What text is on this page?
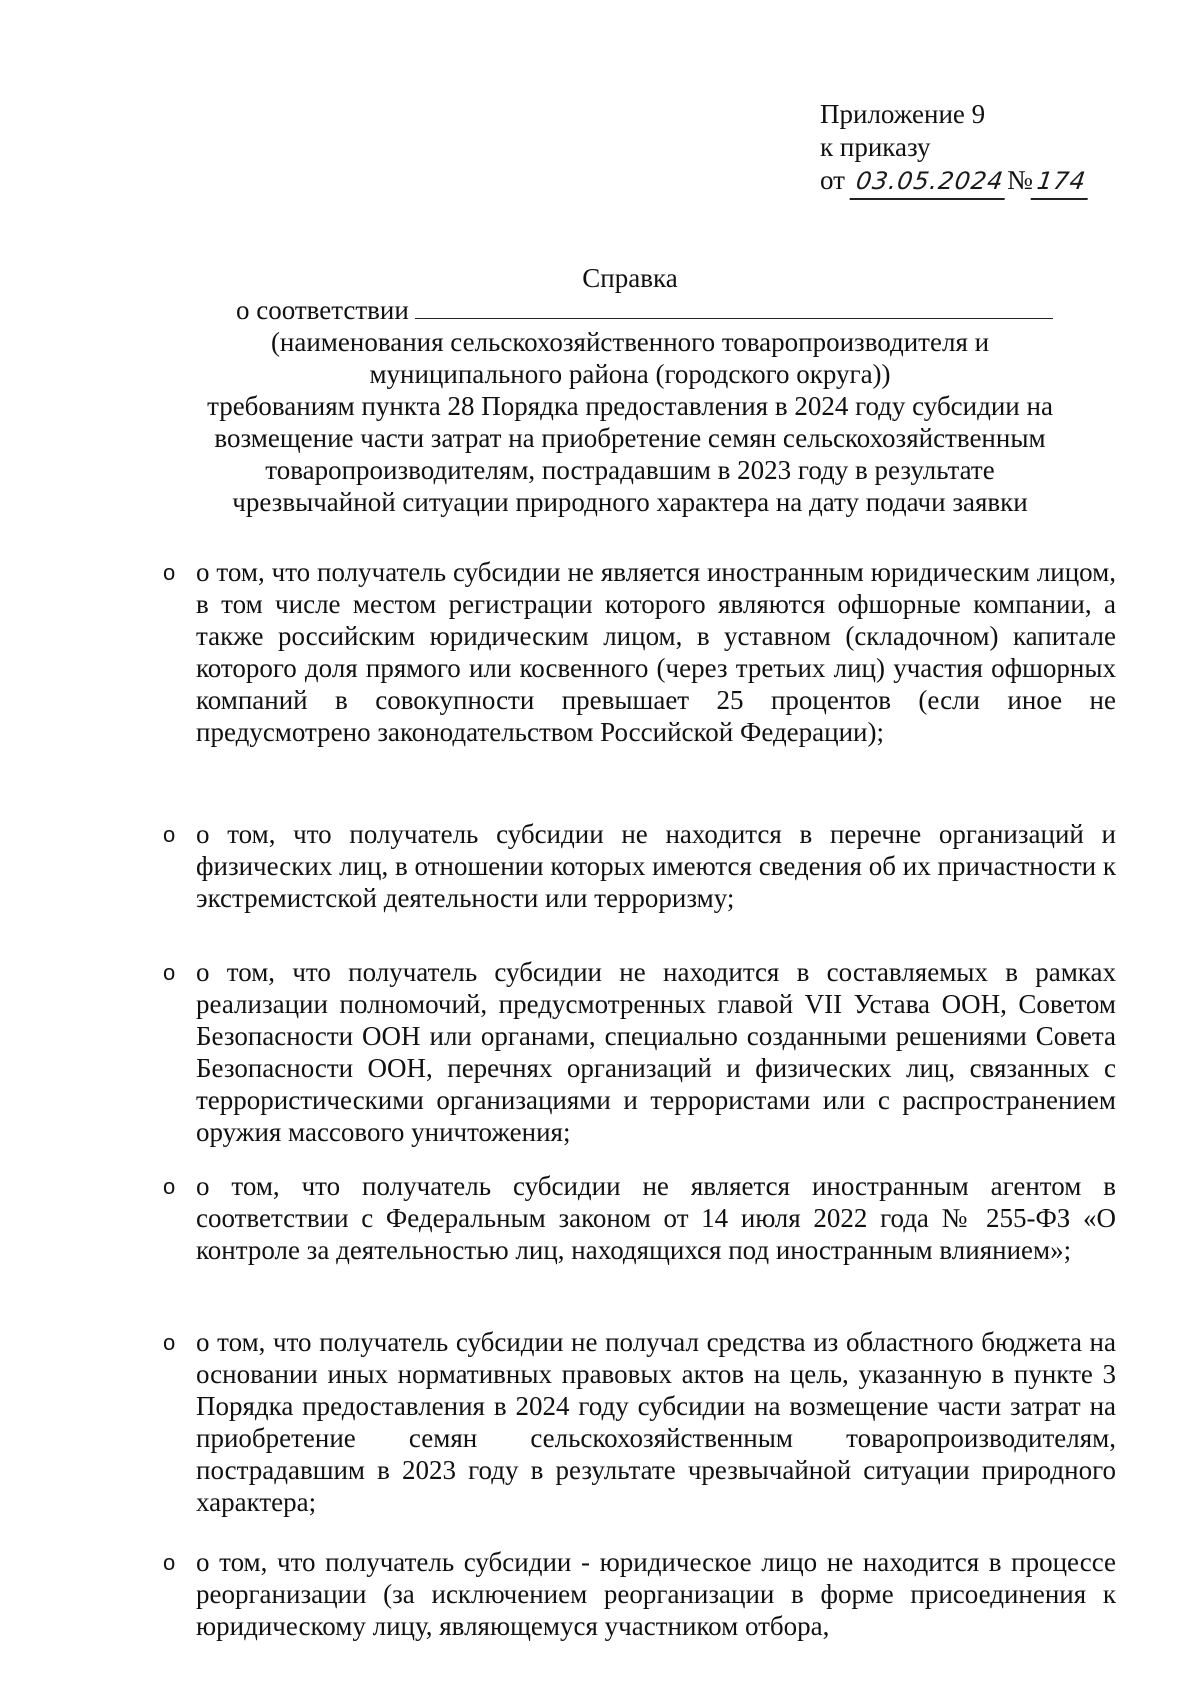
Приложение 9
к приказу
от 03.05.2024№174
Справка
о соответствии
(наименования сельскохозяйственного товаропроизводителя и
муниципального района (городского округа))
требованиям пункта 28 Порядка предоставления в 2024 году субсидии на
возмещение части затрат на приобретение семян сельскохозяйственным
товаропроизводителям, пострадавшим в 2023 году в результате
чрезвычайной ситуации природного характера на дату подачи заявки
o о том, что получатель субсидии не является иностранным юридическим лицом, в том числе местом регистрации которого являются офшорные компании, а также российским юридическим лицом, в уставном (складочном) капитале которого доля прямого или косвенного (через третьих лиц) участия офшорных компаний в совокупности превышает 25 процентов (если иное не предусмотрено законодательством Российской Федерации);
o о том, что получатель субсидии не находится в перечне организаций и физических лиц, в отношении которых имеются сведения об их причастности к экстремистской деятельности или терроризму;
o о том, что получатель субсидии не находится в составляемых в рамках реализации полномочий, предусмотренных главой VII Устава ООН, Советом Безопасности ООН или органами, специально созданными решениями Совета Безопасности ООН, перечнях организаций и физических лиц, связанных с террористическими организациями и террористами или с распространением оружия массового уничтожения;
o о том, что получатель субсидии не является иностранным агентом в соответствии с Федеральным законом от 14 июля 2022 года № 255-ФЗ «О контроле за деятельностью лиц, находящихся под иностранным влиянием»;
o о том, что получатель субсидии не получал средства из областного бюджета на основании иных нормативных правовых актов на цель, указанную в пункте 3 Порядка предоставления в 2024 году субсидии на возмещение части затрат на приобретение семян сельскохозяйственным товаропроизводителям, пострадавшим в 2023 году в результате чрезвычайной ситуации природного характера;
o о том, что получатель субсидии - юридическое лицо не находится в процессе реорганизации (за исключением реорганизации в форме присоединения к юридическому лицу, являющемуся участником отбора,
